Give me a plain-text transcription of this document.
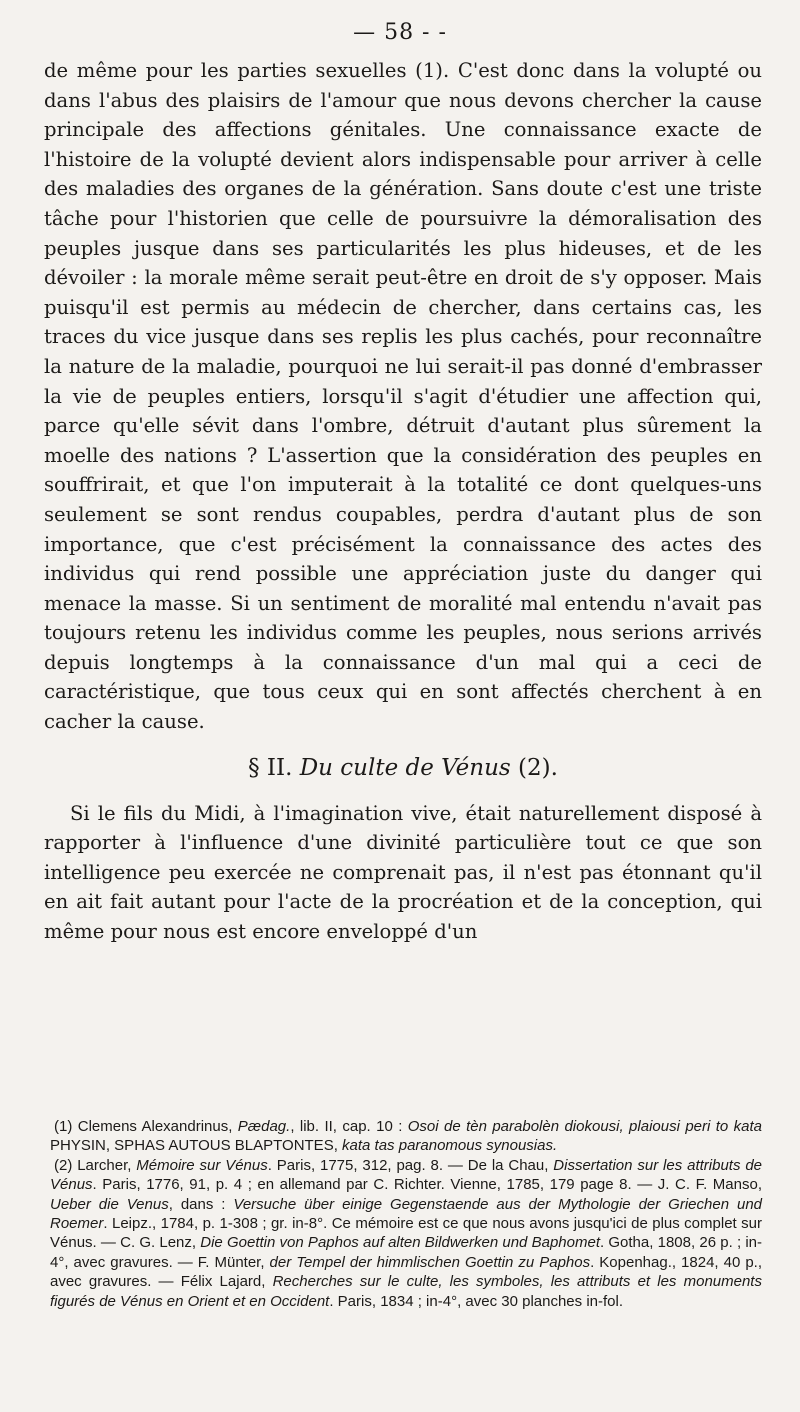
— 58 - -

de même pour les parties sexuelles (1). C'est donc dans la volupté ou dans l'abus des plaisirs de l'amour que nous devons chercher la cause principale des affections génitales. Une connaissance exacte de l'histoire de la volupté devient alors indispensable pour arriver à celle des maladies des organes de la génération. Sans doute c'est une triste tâche pour l'historien que celle de poursuivre la démoralisation des peuples jusque dans ses particularités les plus hideuses, et de les dévoiler : la morale même serait peut-être en droit de s'y opposer. Mais puisqu'il est permis au médecin de chercher, dans certains cas, les traces du vice jusque dans ses replis les plus cachés, pour reconnaître la nature de la maladie, pourquoi ne lui serait-il pas donné d'embrasser la vie de peuples entiers, lorsqu'il s'agit d'étudier une affection qui, parce qu'elle sévit dans l'ombre, détruit d'autant plus sûrement la moelle des nations ? L'assertion que la considération des peuples en souffrirait, et que l'on imputerait à la totalité ce dont quelques-uns seulement se sont rendus coupables, perdra d'autant plus de son importance, que c'est précisément la connaissance des actes des individus qui rend possible une appréciation juste du danger qui menace la masse. Si un sentiment de moralité mal entendu n'avait pas toujours retenu les individus comme les peuples, nous serions arrivés depuis longtemps à la connaissance d'un mal qui a ceci de caractéristique, que tous ceux qui en sont affectés cherchent à en cacher la cause.

§ II. Du culte de Vénus (2).

Si le fils du Midi, à l'imagination vive, était naturellement disposé à rapporter à l'influence d'une divinité particulière tout ce que son intelligence peu exercée ne comprenait pas, il n'est pas étonnant qu'il en ait fait autant pour l'acte de la procréation et de la conception, qui même pour nous est encore enveloppé d'un

(1) Clemens Alexandrinus, Pædag., lib. II, cap. 10 : Osoi de tèn parabolèn diokousi, plaiousi peri to kata PHYSIN, SPHAS AUTOUS BLAPTONTES, kata tas paranomous synousias.

(2) Larcher, Mémoire sur Vénus. Paris, 1775, 312, pag. 8. — De la Chau, Dissertation sur les attributs de Vénus. Paris, 1776, 91, p. 4 ; en allemand par C. Richter. Vienne, 1785, 179 page 8. — J. C. F. Manso, Ueber die Venus, dans : Versuche über einige Gegenstaende aus der Mythologie der Griechen und Roemer. Leipz., 1784, p. 1-308 ; gr. in-8°. Ce mémoire est ce que nous avons jusqu'ici de plus complet sur Vénus. — C. G. Lenz, Die Goettin von Paphos auf alten Bildwerken und Baphomet. Gotha, 1808, 26 p. ; in-4°, avec gravures. — F. Münter, der Tempel der himmlischen Goettin zu Paphos. Kopenhag., 1824, 40 p., avec gravures. — Félix Lajard, Recherches sur le culte, les symboles, les attributs et les monuments figurés de Vénus en Orient et en Occident. Paris, 1834 ; in-4°, avec 30 planches in-fol.
